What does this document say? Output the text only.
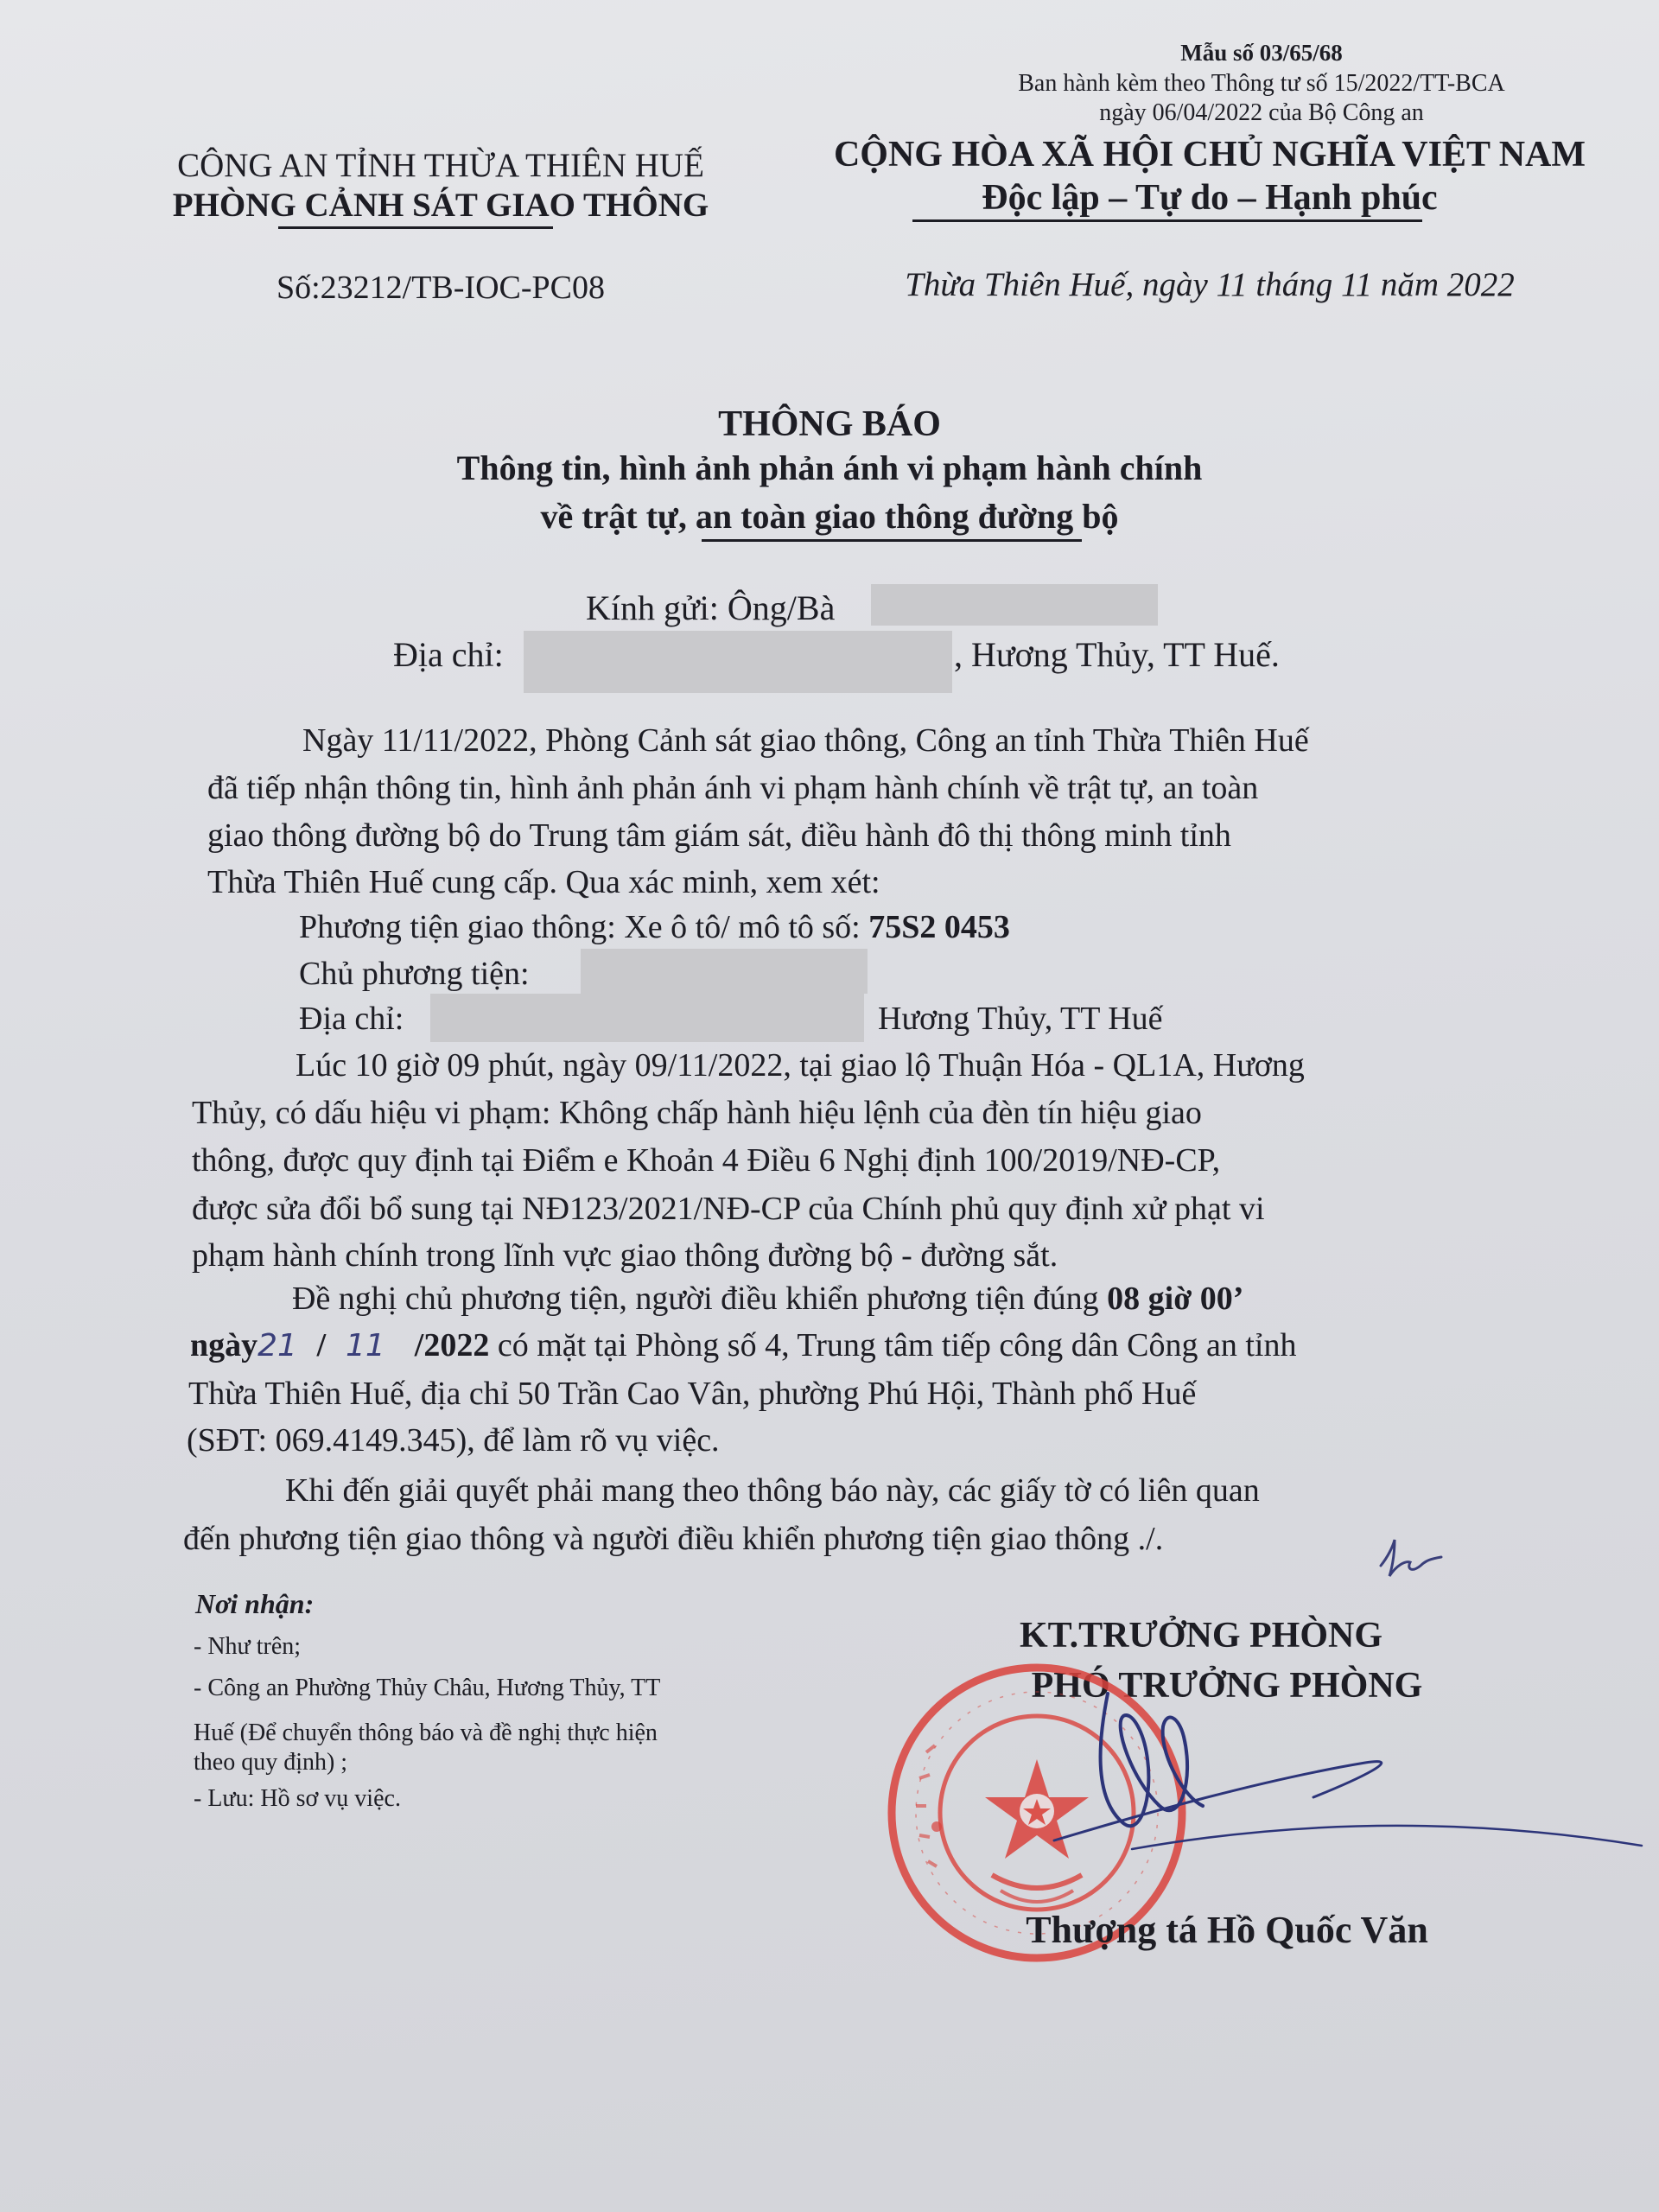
Mẫu số 03/65/68
Ban hành kèm theo Thông tư số 15/2022/TT-BCA
ngày 06/04/2022 của Bộ Công an
CÔNG AN TỈNH THỪA THIÊN HUẾ
PHÒNG CẢNH SÁT GIAO THÔNG
CỘNG HÒA XÃ HỘI CHỦ NGHĨA VIỆT NAM
Độc lập – Tự do – Hạnh phúc
Số:23212/TB-IOC-PC08	Thừa Thiên Huế, ngày 11 tháng 11 năm 2022
THÔNG BÁO
Thông tin, hình ảnh phản ánh vi phạm hành chính
về trật tự, an toàn giao thông đường bộ
Kính gửi: Ông/Bà
Địa chỉ:	, Hương Thủy, TT Huế.
Ngày 11/11/2022, Phòng Cảnh sát giao thông, Công an tỉnh Thừa Thiên Huế
đã tiếp nhận thông tin, hình ảnh phản ánh vi phạm hành chính về trật tự, an toàn
giao thông đường bộ do Trung tâm giám sát, điều hành đô thị thông minh tỉnh
Thừa Thiên Huế cung cấp. Qua xác minh, xem xét:
Phương tiện giao thông: Xe ô tô/ mô tô số: 75S2 0453
Chủ phương tiện:
Địa chỉ:	Hương Thủy, TT Huế
Lúc 10 giờ 09 phút, ngày 09/11/2022, tại giao lộ Thuận Hóa - QL1A, Hương
Thủy, có dấu hiệu vi phạm: Không chấp hành hiệu lệnh của đèn tín hiệu giao
thông, được quy định tại Điểm e Khoản 4 Điều 6 Nghị định 100/2019/NĐ-CP,
được sửa đổi bổ sung tại NĐ123/2021/NĐ-CP của Chính phủ quy định xử phạt vi
phạm hành chính trong lĩnh vực giao thông đường bộ - đường sắt.
Đề nghị chủ phương tiện, người điều khiển phương tiện đúng 08 giờ 00’
ngày21 / 11 /2022 có mặt tại Phòng số 4, Trung tâm tiếp công dân Công an tỉnh
Thừa Thiên Huế, địa chỉ 50 Trần Cao Vân, phường Phú Hội, Thành phố Huế
(SĐT: 069.4149.345), để làm rõ vụ việc.
Khi đến giải quyết phải mang theo thông báo này, các giấy tờ có liên quan
đến phương tiện giao thông và người điều khiển phương tiện giao thông ./.
Nơi nhận:
- Như trên;
- Công an Phường Thủy Châu, Hương Thủy, TT
Huế (Để chuyển thông báo và đề nghị thực hiện
theo quy định) ;
- Lưu: Hồ sơ vụ việc.
KT.TRƯỞNG PHÒNG
PHÓ TRƯỞNG PHÒNG
Thượng tá Hồ Quốc Văn
